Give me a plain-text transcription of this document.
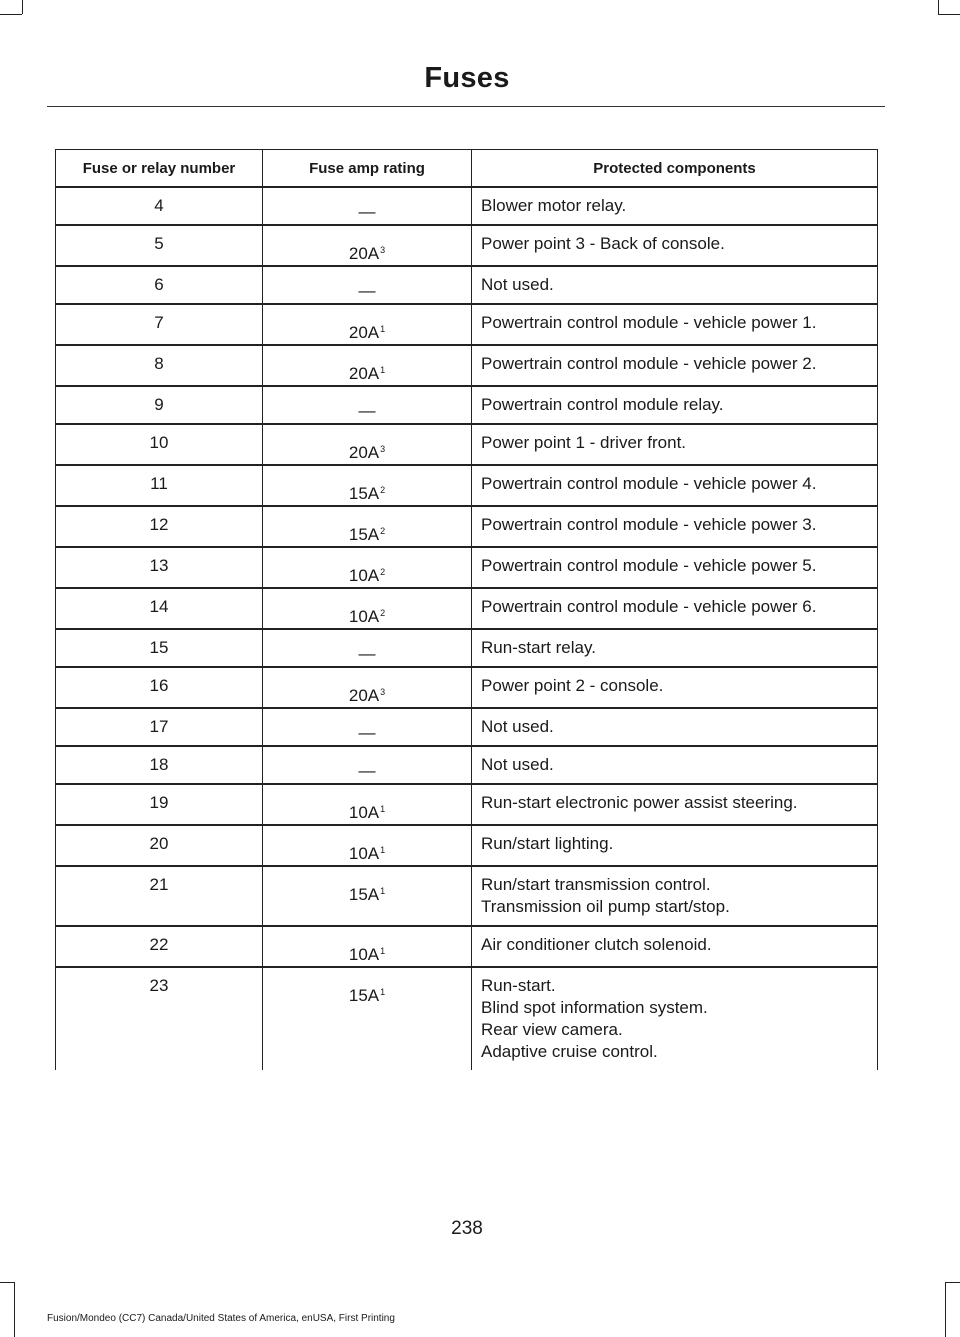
Fuses
Fuse or relay number	Fuse amp rating	Protected components
4	—	Blower motor relay.

5	$20A^3$	Power point 3 - Back of console.

6	—	Not used.

7	$20A^1$	Powertrain control module - vehicle power 1.

8	$20A^1$	Powertrain control module - vehicle power 2.

9	—	Powertrain control module relay.

10	$20A^3$	Power point 1 - driver front.

11	$15A^2$	Powertrain control module - vehicle power 4.

12	$15A^2$	Powertrain control module - vehicle power 3.

13	$10A^2$	Powertrain control module - vehicle power 5.

14	$10A^2$	Powertrain control module - vehicle power 6.

15	—	Run-start relay.

16	$20A^3$	Power point 2 - console.

17	—	Not used.

18	—	Not used.

19	$10A^1$	Run-start electronic power assist steering.

20	$10A^1$	Run/start lighting.

21	$15A^1$	Run/start transmission control.
Transmission oil pump start/stop.

22	$10A^1$	Air conditioner clutch solenoid.

23	$15A^1$	Run-start.
Blind spot information system.
Rear view camera.
Adaptive cruise control.
238
Fusion/Mondeo (CC7) Canada/United States of America, enUSA, First Printing
